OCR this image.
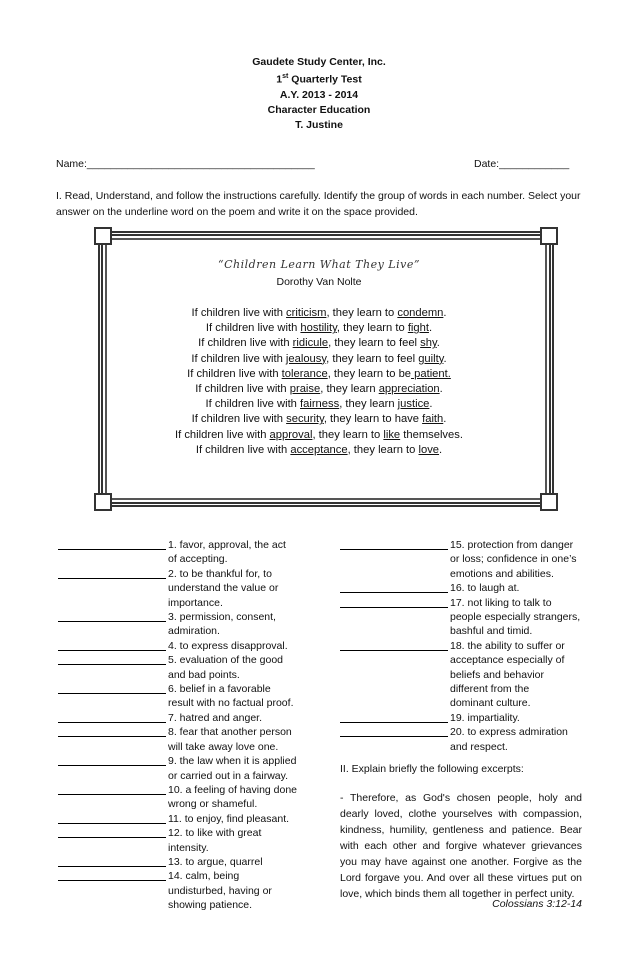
Gaudete Study Center, Inc.
1st Quarterly Test
A.Y. 2013 - 2014
Character Education
T. Justine
Name:_______________________________________	Date:____________
I. Read, Understand, and follow the instructions carefully. Identify the group of words in each number. Select your answer on the underline word on the poem and write it on the space provided.
“Children Learn What They Live”
Dorothy Van Nolte
If children live with criticism, they learn to condemn.
If children live with hostility, they learn to fight.
If children live with ridicule, they learn to feel shy.
If children live with jealousy, they learn to feel guilty.
If children live with tolerance, they learn to be patient.
If children live with praise, they learn appreciation.
If children live with fairness, they learn justice.
If children live with security, they learn to have faith.
If children live with approval, they learn to like themselves.
If children live with acceptance, they learn to love.
1. favor, approval, the act
of accepting.
2. to be thankful for, to
understand the value or
importance.
3. permission, consent,
admiration.
4. to express disapproval.
5. evaluation of the good
and bad points.
6. belief in a favorable
result with no factual proof.
7. hatred and anger.
8. fear that another person
will take away love one.
9. the law when it is applied
or carried out in a fairway.
10. a feeling of having done
wrong or shameful.
11. to enjoy, find pleasant.
12. to like with great
intensity.
13. to argue, quarrel
14. calm, being
undisturbed, having or
showing patience.
15. protection from danger
or loss; confidence in one’s
emotions and abilities.
16. to laugh at.
17. not liking to talk to
people especially strangers,
bashful and timid.
18. the ability to suffer or
acceptance especially of
beliefs and behavior
different from the
dominant culture.
19. impartiality.
20. to express admiration
and respect.
II. Explain briefly the following excerpts:
- Therefore, as God's chosen people, holy and dearly loved, clothe yourselves with compassion, kindness, humility, gentleness and patience. Bear with each other and forgive whatever grievances you may have against one another. Forgive as the Lord forgave you. And over all these virtues put on love, which binds them all together in perfect unity.
Colossians 3:12-14
